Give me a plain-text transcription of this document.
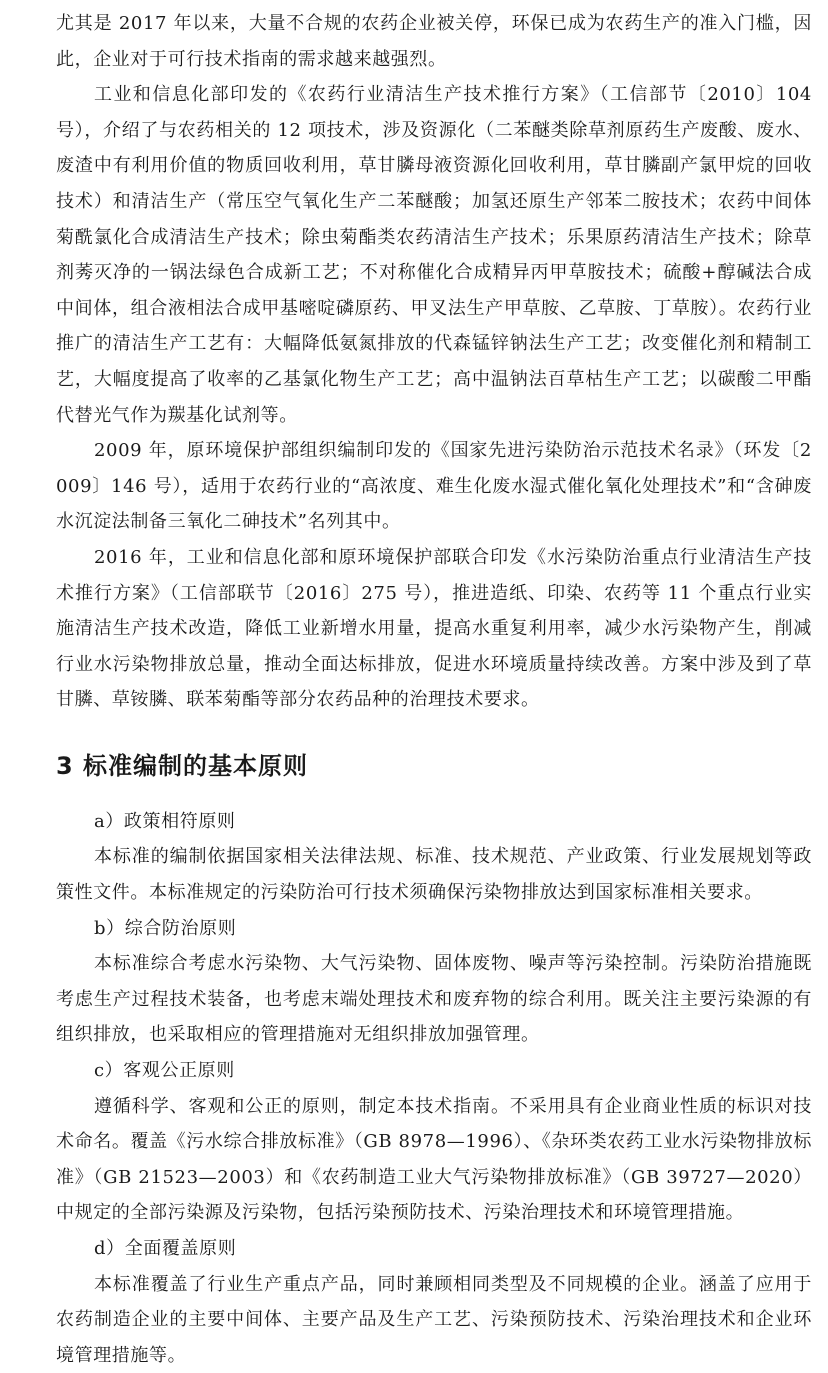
尤其是 2017 年以来，大量不合规的农药企业被关停，环保已成为农药生产的准入门槛，因此，企业对于可行技术指南的需求越来越强烈。

工业和信息化部印发的《农药行业清洁生产技术推行方案》（工信部节〔2010〕104 号），介绍了与农药相关的 12 项技术，涉及资源化（二苯醚类除草剂原药生产废酸、废水、废渣中有利用价值的物质回收利用，草甘膦母液资源化回收利用，草甘膦副产氯甲烷的回收技术）和清洁生产（常压空气氧化生产二苯醚酸；加氢还原生产邻苯二胺技术；农药中间体菊酰氯化合成清洁生产技术；除虫菊酯类农药清洁生产技术；乐果原药清洁生产技术；除草剂莠灭净的一锅法绿色合成新工艺；不对称催化合成精异丙甲草胺技术；硫酸+醇碱法合成中间体，组合液相法合成甲基嘧啶磷原药、甲叉法生产甲草胺、乙草胺、丁草胺）。农药行业推广的清洁生产工艺有：大幅降低氨氮排放的代森锰锌钠法生产工艺；改变催化剂和精制工艺，大幅度提高了收率的乙基氯化物生产工艺；高中温钠法百草枯生产工艺；以碳酸二甲酯代替光气作为羰基化试剂等。

2009 年，原环境保护部组织编制印发的《国家先进污染防治示范技术名录》（环发〔2009〕146 号），适用于农药行业的“高浓度、难生化废水湿式催化氧化处理技术”和“含砷废水沉淀法制备三氧化二砷技术”名列其中。

2016 年，工业和信息化部和原环境保护部联合印发《水污染防治重点行业清洁生产技术推行方案》（工信部联节〔2016〕275 号），推进造纸、印染、农药等 11 个重点行业实施清洁生产技术改造，降低工业新增水用量，提高水重复利用率，减少水污染物产生，削减行业水污染物排放总量，推动全面达标排放，促进水环境质量持续改善。方案中涉及到了草甘膦、草铵膦、联苯菊酯等部分农药品种的治理技术要求。

3 标准编制的基本原则

a）政策相符原则

本标准的编制依据国家相关法律法规、标准、技术规范、产业政策、行业发展规划等政策性文件。本标准规定的污染防治可行技术须确保污染物排放达到国家标准相关要求。

b）综合防治原则

本标准综合考虑水污染物、大气污染物、固体废物、噪声等污染控制。污染防治措施既考虑生产过程技术装备，也考虑末端处理技术和废弃物的综合利用。既关注主要污染源的有组织排放，也采取相应的管理措施对无组织排放加强管理。

c）客观公正原则

遵循科学、客观和公正的原则，制定本技术指南。不采用具有企业商业性质的标识对技术命名。覆盖《污水综合排放标准》（GB 8978—1996）、《杂环类农药工业水污染物排放标准》（GB 21523—2003）和《农药制造工业大气污染物排放标准》（GB 39727—2020）中规定的全部污染源及污染物，包括污染预防技术、污染治理技术和环境管理措施。

d）全面覆盖原则

本标准覆盖了行业生产重点产品，同时兼顾相同类型及不同规模的企业。涵盖了应用于农药制造企业的主要中间体、主要产品及生产工艺、污染预防技术、污染治理技术和企业环境管理措施等。
